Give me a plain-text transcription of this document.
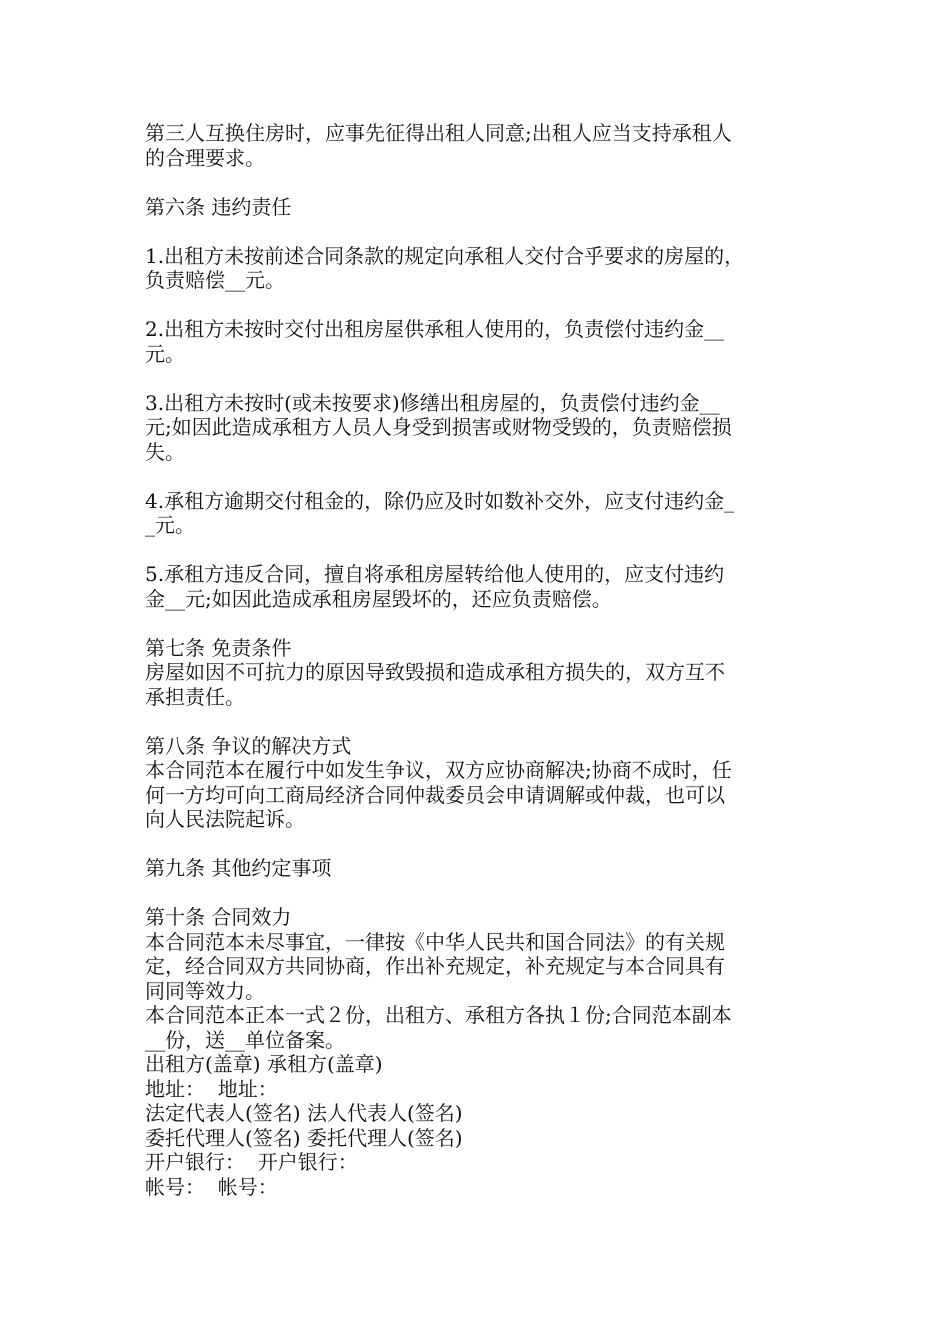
第三人互换住房时，应事先征得出租人同意;出租人应当支持承租人
的合理要求。

第六条 违约责任

1.出租方未按前述合同条款的规定向承租人交付合乎要求的房屋的，
负责赔偿__元。

2.出租方未按时交付出租房屋供承租人使用的，负责偿付违约金__
元。

3.出租方未按时(或未按要求)修缮出租房屋的，负责偿付违约金__
元;如因此造成承租方人员人身受到损害或财物受毁的，负责赔偿损
失。

4.承租方逾期交付租金的，除仍应及时如数补交外，应支付违约金_
_元。

5.承租方违反合同，擅自将承租房屋转给他人使用的，应支付违约
金__元;如因此造成承租房屋毁坏的，还应负责赔偿。

第七条 免责条件

房屋如因不可抗力的原因导致毁损和造成承租方损失的，双方互不
承担责任。

第八条 争议的解决方式

本合同范本在履行中如发生争议，双方应协商解决;协商不成时，任
何一方均可向工商局经济合同仲裁委员会申请调解或仲裁，也可以
向人民法院起诉。

第九条 其他约定事项

第十条 合同效力

本合同范本未尽事宜，一律按《中华人民共和国合同法》的有关规
定，经合同双方共同协商，作出补充规定，补充规定与本合同具有
同同等效力。

本合同范本正本一式２份，出租方、承租方各执１份;合同范本副本
__份，送__单位备案。

出租方(盖章) 承租方(盖章)

地址：  地址：

法定代表人(签名) 法人代表人(签名)

委托代理人(签名) 委托代理人(签名)

开户银行：  开户银行：

帐号：  帐号：
